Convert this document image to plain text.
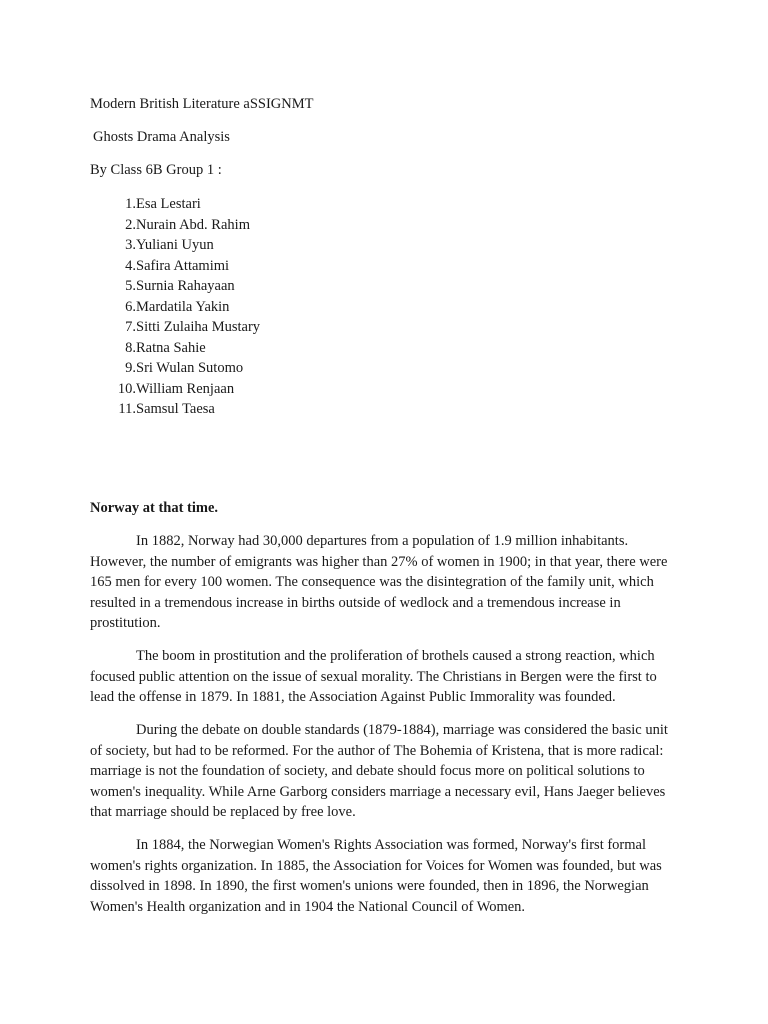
Modern British Literature aSSIGNMT
Ghosts Drama Analysis
By Class 6B Group 1 :
1. Esa Lestari
2. Nurain Abd. Rahim
3. Yuliani Uyun
4. Safira Attamimi
5. Surnia Rahayaan
6. Mardatila Yakin
7. Sitti Zulaiha Mustary
8. Ratna Sahie
9. Sri Wulan Sutomo
10. William Renjaan
11. Samsul Taesa
Norway at that time.

In 1882, Norway had 30,000 departures from a population of 1.9 million inhabitants. However, the number of emigrants was higher than 27% of women in 1900; in that year, there were 165 men for every 100 women. The consequence was the disintegration of the family unit, which resulted in a tremendous increase in births outside of wedlock and a tremendous increase in prostitution.

The boom in prostitution and the proliferation of brothels caused a strong reaction, which focused public attention on the issue of sexual morality. The Christians in Bergen were the first to lead the offense in 1879. In 1881, the Association Against Public Immorality was founded.

During the debate on double standards (1879-1884), marriage was considered the basic unit of society, but had to be reformed. For the author of The Bohemia of Kristena, that is more radical: marriage is not the foundation of society, and debate should focus more on political solutions to women's inequality. While Arne Garborg considers marriage a necessary evil, Hans Jaeger believes that marriage should be replaced by free love.

In 1884, the Norwegian Women's Rights Association was formed, Norway's first formal women's rights organization. In 1885, the Association for Voices for Women was founded, but was dissolved in 1898. In 1890, the first women's unions were founded, then in 1896, the Norwegian Women's Health organization and in 1904 the National Council of Women.
